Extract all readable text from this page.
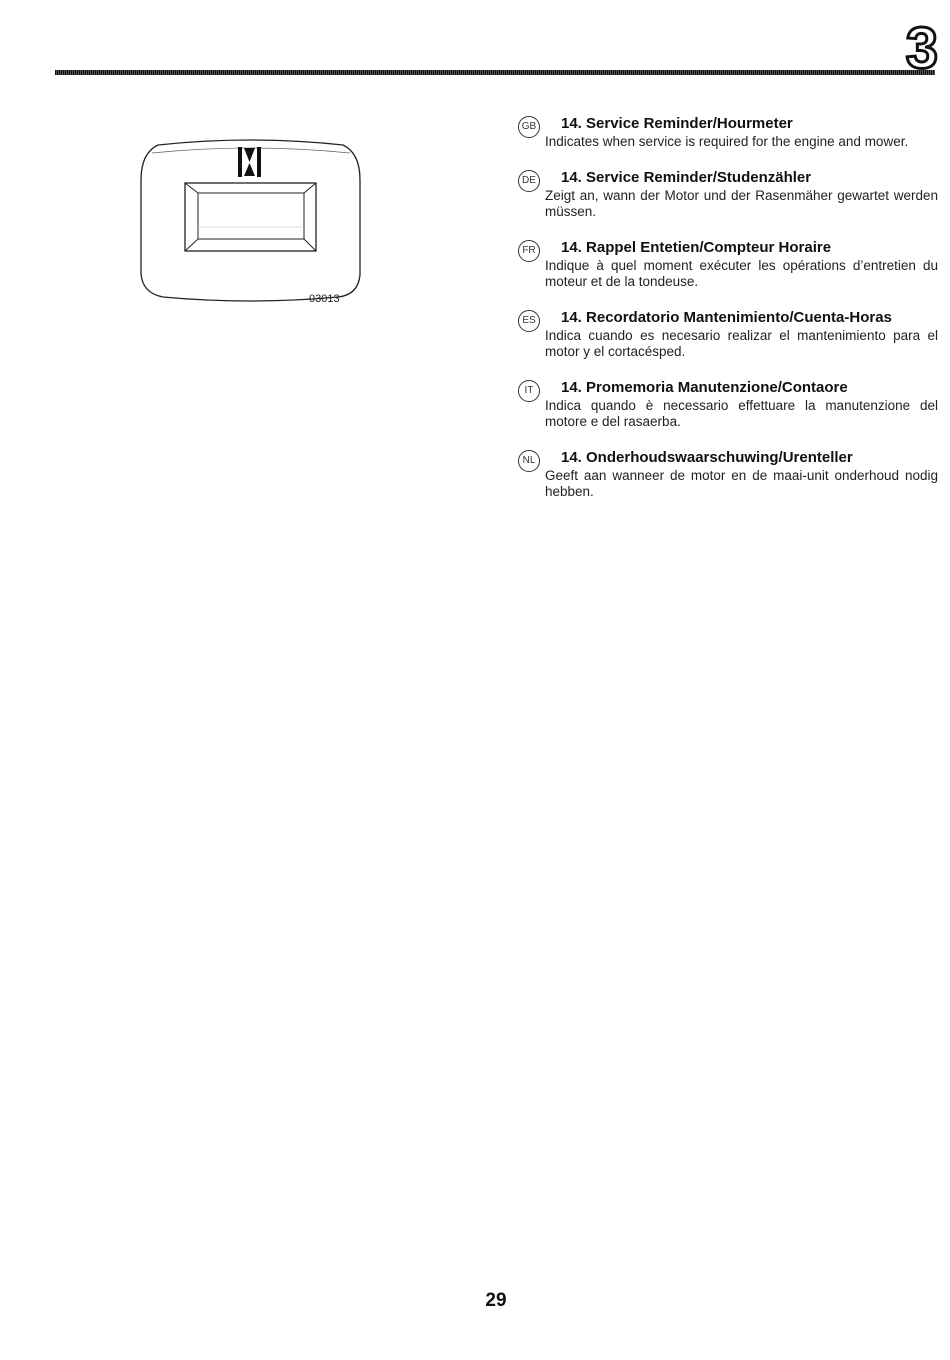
3
03013
GB 14. Service Reminder/Hourmeter
Indicates when service is required for the engine and mower.
DE 14. Service Reminder/Studenzähler
Zeigt an, wann der Motor und der Rasenmäher gewartet werden müssen.
FR 14. Rappel Entetien/Compteur Horaire
Indique à quel moment exécuter les opérations d’entretien du moteur et de la tondeuse.
ES 14. Recordatorio Mantenimiento/Cuenta-Horas
Indica cuando es necesario realizar el mantenimiento para el motor y el cortacésped.
IT	14. Promemoria Manutenzione/Contaore
Indica quando è necessario effettuare la manutenzione del motore e del rasaerba.
NL	14. Onderhoudswaarschuwing/Urenteller
Geeft aan wanneer de motor en de maai-unit onderhoud nodig hebben.
29
